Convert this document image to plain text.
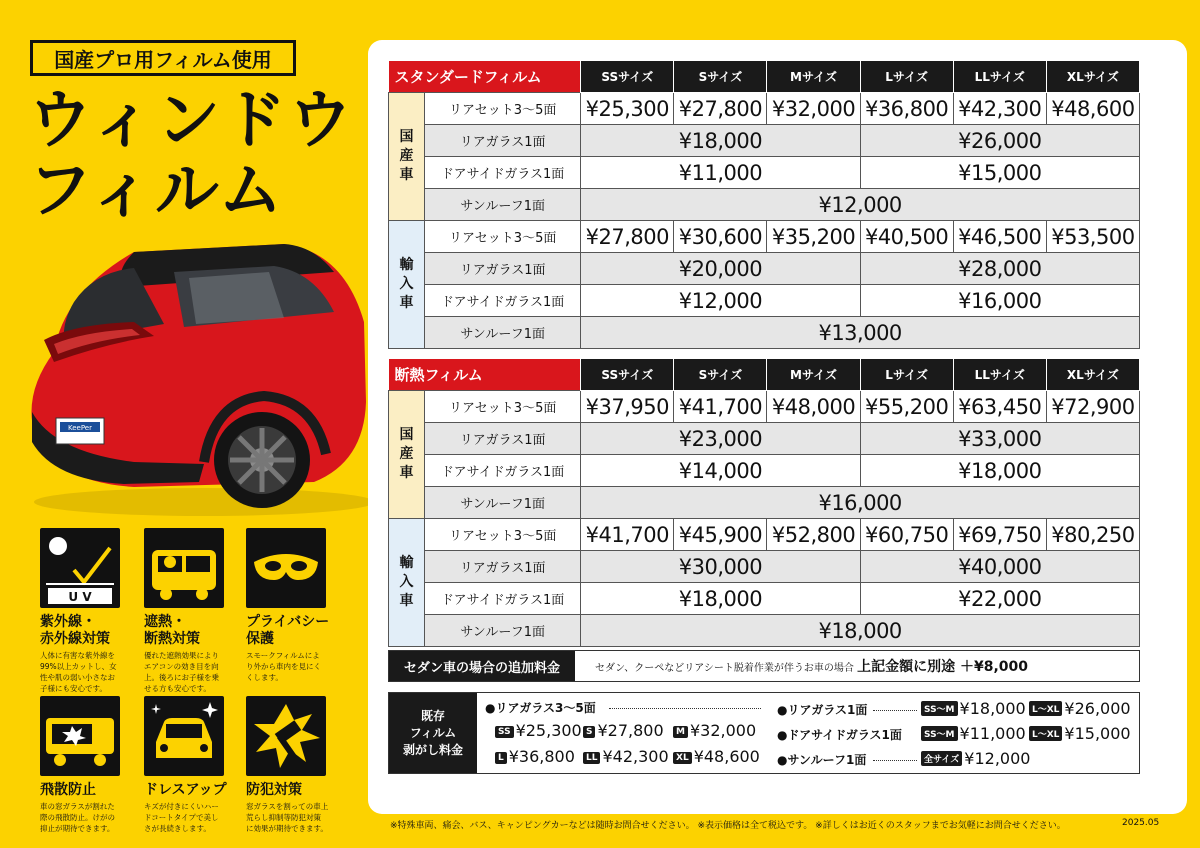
国産プロ用フィルム使用
ウィンドウ
フィルム
KeePer
U V
紫外線・
赤外線対策
人体に有害な紫外線を
99%以上カットし、女
性や肌の弱い小さなお
子様にも安心です。
遮熱・
断熱対策
優れた遮熱効果により
エアコンの効き目を向
上。後ろにお子様を乗
せる方も安心です。
プライバシー
保護
スモークフィルムによ
り外から車内を見にく
くします。
飛散防止
車の窓ガラスが割れた
際の飛散防止。けがの
抑止が期待できます。
ドレスアップ
キズが付きにくいハー
ドコートタイプで美し
さが長続きします。
防犯対策
窓ガラスを割っての車上
荒らし抑制等防犯対策
に効果が期待できます。
スタンダードフィルム		SSサイズ	Sサイズ	Mサイズ	Lサイズ	LLサイズ	XLサイズ

国
産
車	リアセット3～5面	¥25,300	¥27,800	¥32,000	¥36,800	¥42,300	¥48,600
	リアガラス1面	¥18,000			¥26,000		
	ドアサイドガラス1面	¥11,000			¥15,000		
	サンルーフ1面	¥12,000					

輸
入
車	リアセット3～5面	¥27,800	¥30,600	¥35,200	¥40,500	¥46,500	¥53,500
	リアガラス1面	¥20,000			¥28,000		
	ドアサイドガラス1面	¥12,000			¥16,000		
	サンルーフ1面	¥13,000					
断熱フィルム		SSサイズ	Sサイズ	Mサイズ	Lサイズ	LLサイズ	XLサイズ

国
産
車	リアセット3～5面	¥37,950	¥41,700	¥48,000	¥55,200	¥63,450	¥72,900
	リアガラス1面	¥23,000			¥33,000		
	ドアサイドガラス1面	¥14,000			¥18,000		
	サンルーフ1面	¥16,000					

輸
入
車	リアセット3～5面	¥41,700	¥45,900	¥52,800	¥60,750	¥69,750	¥80,250
	リアガラス1面	¥30,000			¥40,000		
	ドアサイドガラス1面	¥18,000			¥22,000		
	サンルーフ1面	¥18,000					
セダン車の場合の追加料金	セダン、クーペなどリアシート脱着作業が伴うお車の場合 上記金額に別途 ＋¥8,000
既存
フィルム
剥がし料金
●リアガラス3～5面
SS ¥25,300 S ¥27,800	M ¥32,000
L ¥36,800	LL ¥42,300 XL ¥48,600
●リアガラス1面	SS～M ¥18,000 L～XL ¥26,000
●ドアサイドガラス1面	SS～M ¥11,000 L～XL ¥15,000
●サンルーフ1面	全サイズ ¥12,000
※特殊車両、痛会、バス、キャンピングカーなどは随時お問合せください。 ※表示価格は全て税込です。 ※詳しくはお近くのスタッフまでお気軽にお問合せください。	2025.05
